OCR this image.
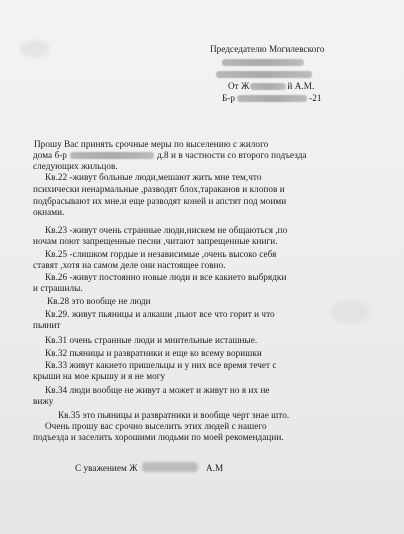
Председателю Могилевского
От Ж	й А.М.
Б-р	-21
Прошу Вас принять срочные меры по выселению с жилого
дома б-р	д.8 и в частности со второго подъезда
следующих жильцов.
Кв.22 -живут больные люди,мешают жить мне тем,что
психически ненармальные ,разводят блох,тараканов и клопов и
подбрасывают их мне.и еще разводят коней и апстят под моими
окнами.
Кв.23 -живут очень странные люди,нискем не общаються ,по
ночам поют запрещенные песни ,читают запрещенные книги.
Кв.25 -слишком гордые и независимые ,очень высоко себя
ставят ,хотя на самом деле они настоящее говно.
Кв.26 -живут постоянно новые люди и все какието выбрядки
и страшилы.
Кв.28 это вообще не люди
Кв.29. живут пьяницы и алкаши ,пьют все что горит и что
пьянит
Кв.31 очень странные люди и мнительные исташные.
Кв.32 пьяницы и развратники и еще ко всему воришки
Кв.33 живут какието пришельцы и у них все время течет с
крыши на мое крышу и я не могу
Кв.34 люди вообще не живут а может и живут но я их не
вижу
Кв.35 это пьяницы и развратники и вообще черт знае што.
Очень прошу вас срочно выселить этих людей с нашего
подъезда и заселить хорошими людьми по моей рекомендации.
С уважением Ж	А.М
